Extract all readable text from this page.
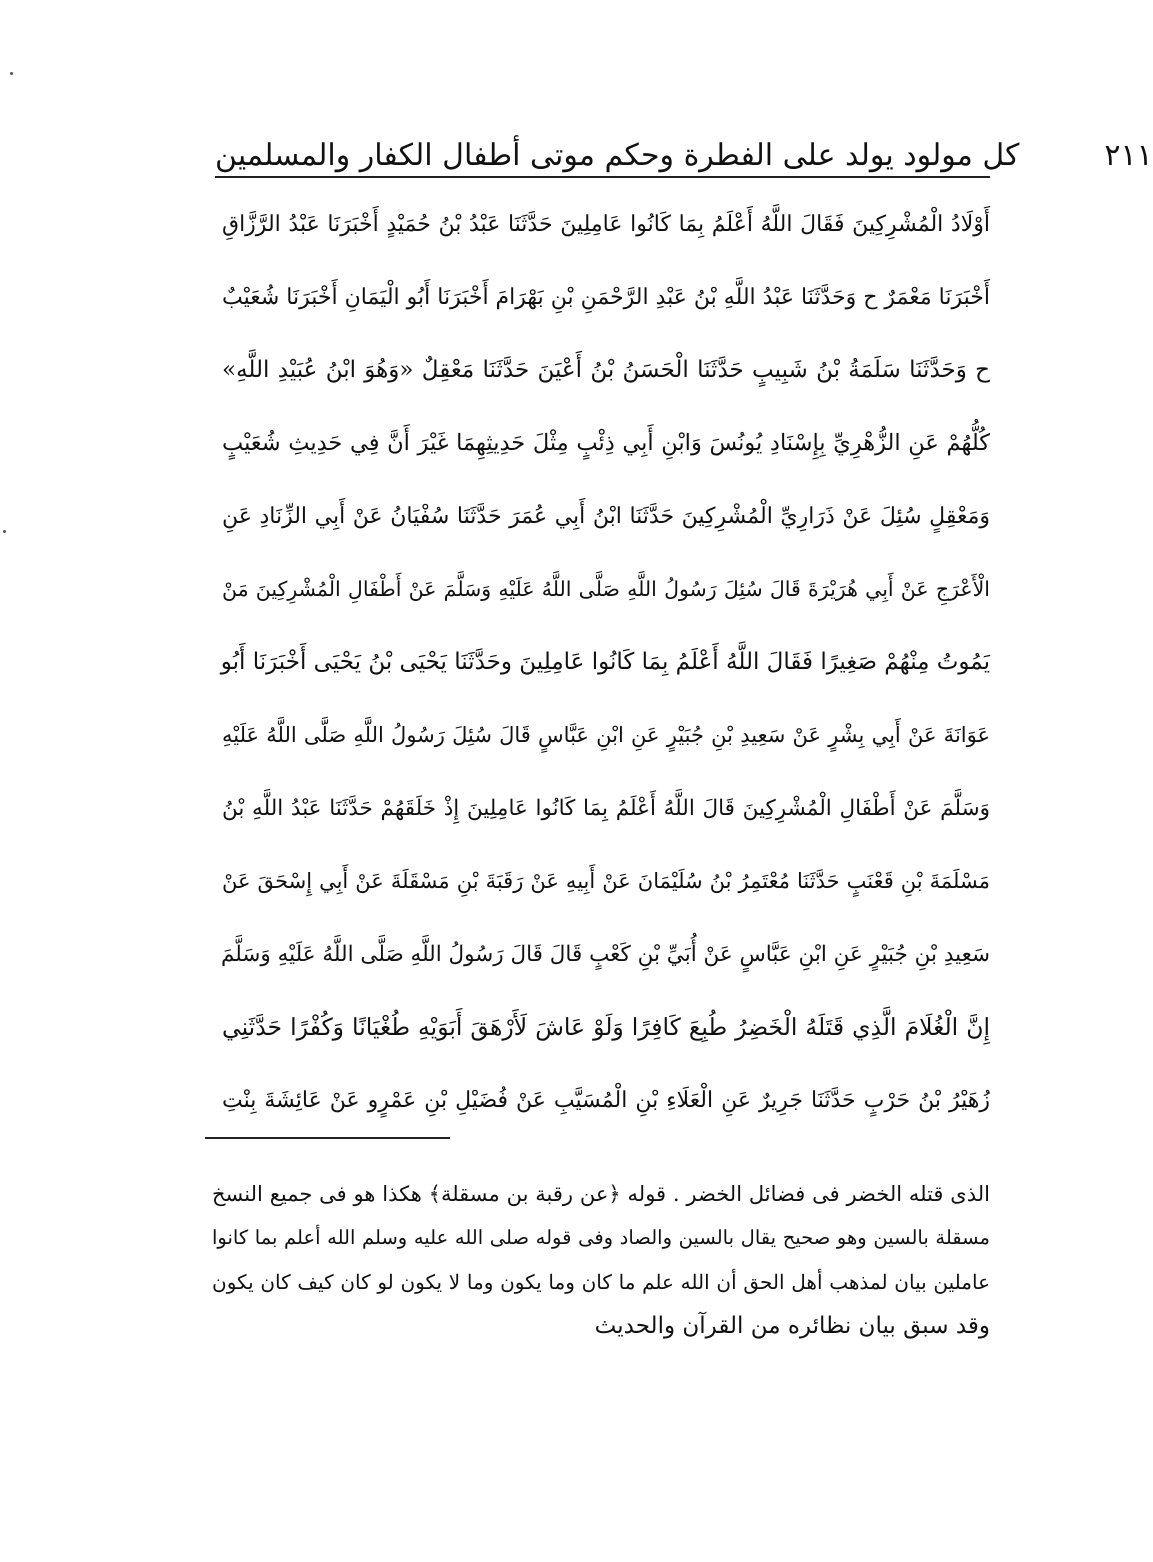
كل مولود يولد على الفطرة وحكم موتى أطفال الكفار والمسلمين	٢١١
أَوْلَادُ الْمُشْرِكِينَ فَقَالَ اللَّهُ أَعْلَمُ بِمَا كَانُوا عَامِلِينَ حَدَّثَنَا عَبْدُ بْنُ حُمَيْدٍ أَخْبَرَنَا عَبْدُ الرَّزَّاقِ
أَخْبَرَنَا مَعْمَرٌ ح وَحَدَّثَنَا عَبْدُ اللَّهِ بْنُ عَبْدِ الرَّحْمَنِ بْنِ بَهْرَامَ أَخْبَرَنَا أَبُو الْيَمَانِ أَخْبَرَنَا شُعَيْبٌ
ح وَحَدَّثَنَا سَلَمَةُ بْنُ شَبِيبٍ حَدَّثَنَا الْحَسَنُ بْنُ أَعْيَنَ حَدَّثَنَا مَعْقِلٌ «وَهُوَ ابْنُ عُبَيْدِ اللَّهِ»
كُلُّهُمْ عَنِ الزُّهْرِيِّ بِإِسْنَادِ يُونُسَ وَابْنِ أَبِي ذِئْبٍ مِثْلَ حَدِيثِهِمَا غَيْرَ أَنَّ فِي حَدِيثِ شُعَيْبٍ
وَمَعْقِلٍ سُئِلَ عَنْ ذَرَارِيِّ الْمُشْرِكِينَ حَدَّثَنَا ابْنُ أَبِي عُمَرَ حَدَّثَنَا سُفْيَانُ عَنْ أَبِي الزِّنَادِ عَنِ
الْأَعْرَجِ عَنْ أَبِي هُرَيْرَةَ قَالَ سُئِلَ رَسُولُ اللَّهِ صَلَّى اللَّهُ عَلَيْهِ وَسَلَّمَ عَنْ أَطْفَالِ الْمُشْرِكِينَ مَنْ
يَمُوتُ مِنْهُمْ صَغِيرًا فَقَالَ اللَّهُ أَعْلَمُ بِمَا كَانُوا عَامِلِينَ وحَدَّثَنَا يَحْيَى بْنُ يَحْيَى أَخْبَرَنَا أَبُو
عَوَانَةَ عَنْ أَبِي بِشْرٍ عَنْ سَعِيدِ بْنِ جُبَيْرٍ عَنِ ابْنِ عَبَّاسٍ قَالَ سُئِلَ رَسُولُ اللَّهِ صَلَّى اللَّهُ عَلَيْهِ
وَسَلَّمَ عَنْ أَطْفَالِ الْمُشْرِكِينَ قَالَ اللَّهُ أَعْلَمُ بِمَا كَانُوا عَامِلِينَ إِذْ خَلَقَهُمْ حَدَّثَنَا عَبْدُ اللَّهِ بْنُ
مَسْلَمَةَ بْنِ قَعْنَبٍ حَدَّثَنَا مُعْتَمِرُ بْنُ سُلَيْمَانَ عَنْ أَبِيهِ عَنْ رَقَبَةَ بْنِ مَسْقَلَةَ عَنْ أَبِي إِسْحَقَ عَنْ
سَعِيدِ بْنِ جُبَيْرٍ عَنِ ابْنِ عَبَّاسٍ عَنْ أُبَيِّ بْنِ كَعْبٍ قَالَ قَالَ رَسُولُ اللَّهِ صَلَّى اللَّهُ عَلَيْهِ وَسَلَّمَ
إِنَّ الْغُلَامَ الَّذِي قَتَلَهُ الْخَضِرُ طُبِعَ كَافِرًا وَلَوْ عَاشَ لَأَرْهَقَ أَبَوَيْهِ طُغْيَانًا وَكُفْرًا حَدَّثَنِي
زُهَيْرُ بْنُ حَرْبٍ حَدَّثَنَا جَرِيرٌ عَنِ الْعَلَاءِ بْنِ الْمُسَيَّبِ عَنْ فُضَيْلِ بْنِ عَمْرٍو عَنْ عَائِشَةَ بِنْتِ
الذى قتله الخضر فى فضائل الخضر . قوله ﴿عن رقبة بن مسقلة﴾ هكذا هو فى جميع النسخ
مسقلة بالسين وهو صحيح يقال بالسين والصاد وفى قوله صلى الله عليه وسلم الله أعلم بما كانوا
عاملين بيان لمذهب أهل الحق أن الله علم ما كان وما يكون وما لا يكون لو كان كيف كان يكون
وقد سبق بيان نظائره من القرآن والحديث
